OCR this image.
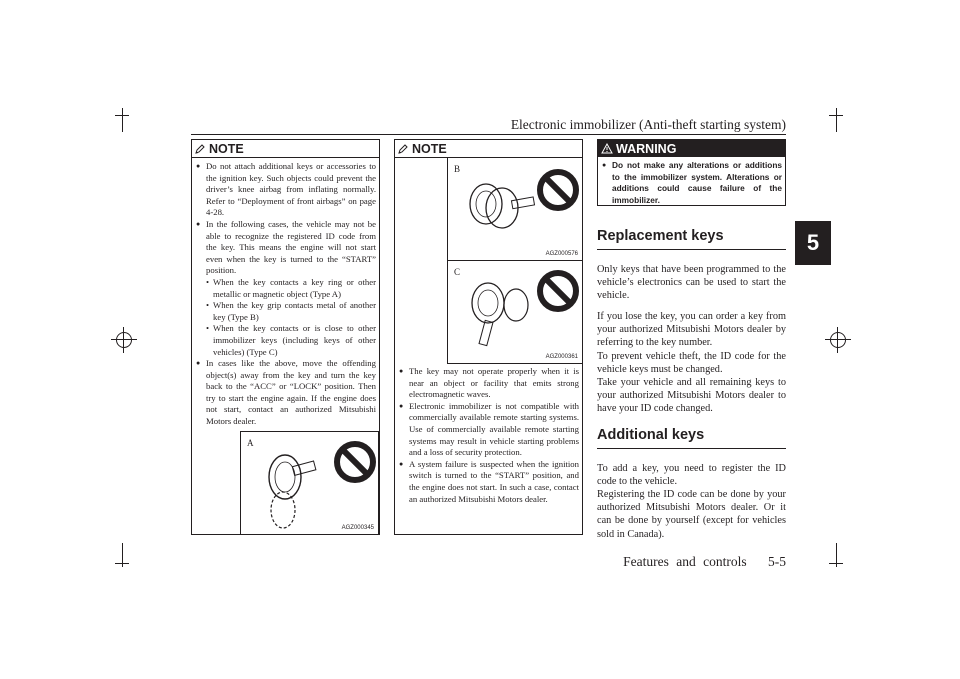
Electronic immobilizer (Anti-theft starting system)
5
NOTE

● Do not attach additional keys or accessories to the ignition key. Such objects could prevent the driver’s knee airbag from inflating normally. Refer to “Deployment of front airbags” on page 4-28.

● In the following cases, the vehicle may not be able to recognize the registered ID code from the key. This means the engine will not start even when the key is turned to the “START” position.

• When the key contacts a key ring or other metallic or magnetic object (Type A)

• When the key grip contacts metal of another key (Type B)

• When the key contacts or is close to other immobilizer keys (including keys of other vehicles) (Type C)

● In cases like the above, move the offending object(s) away from the key and turn the key back to the “ACC” or “LOCK” position. Then try to start the engine again. If the engine does not start, contact an authorized Mitsubishi Motors dealer.

A
AGZ000345
NOTE
B
AGZ000576
C
AGZ000361

● The key may not operate properly when it is near an object or facility that emits strong electromagnetic waves.

● Electronic immobilizer is not compatible with commercially available remote starting systems. Use of commercially available remote starting systems may result in vehicle starting problems and a loss of security protection.

● A system failure is suspected when the ignition switch is turned to the “START” position, and the engine does not start. In such a case, contact an authorized Mitsubishi Motors dealer.

WARNING

● Do not make any alterations or additions to the immobilizer system. Alterations or additions could cause failure of the immobilizer.

Replacement keys

Only keys that have been programmed to the vehicle’s electronics can be used to start the vehicle.

If you lose the key, you can order a key from your authorized Mitsubishi Motors dealer by referring to the key number.

To prevent vehicle theft, the ID code for the vehicle keys must be changed.

Take your vehicle and all remaining keys to your authorized Mitsubishi Motors dealer to have your ID code changed.

Additional keys

To add a key, you need to register the ID code to the vehicle.

Registering the ID code can be done by your authorized Mitsubishi Motors dealer. Or it can be done by yourself (except for vehicles sold in Canada).

Features and controls 5-5
